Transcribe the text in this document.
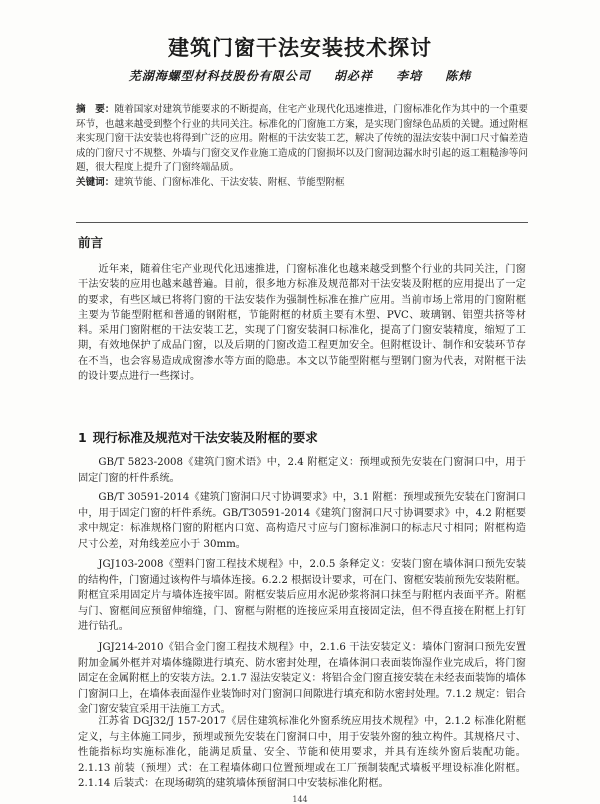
建筑门窗干法安装技术探讨
芜湖海螺型材科技股份有限公司 胡必祥 李培 陈炜
摘　要：随着国家对建筑节能要求的不断提高，住宅产业现代化迅速推进，门窗标准化作为其中的一个重要环节，也越来越受到整个行业的共同关注。标准化的门窗施工方案，是实现门窗绿色品质的关键。通过附框来实现门窗干法安装也将得到广泛的应用。附框的干法安装工艺，解决了传统的湿法安装中洞口尺寸偏差造成的门窗尺寸不规整、外墙与门窗交叉作业施工造成的门窗损坏以及门窗洞边漏水时引起的返工粗糙渗等问题，很大程度上提升了门窗终端品质。
关键词：建筑节能、门窗标准化、干法安装、附框、节能型附框
前言

近年来，随着住宅产业现代化迅速推进，门窗标准化也越来越受到整个行业的共同关注，门窗干法安装的应用也越来越普遍。目前，很多地方标准及规范都对干法安装及附框的应用提出了一定的要求，有些区域已将将门窗的干法安装作为强制性标准在推广应用。当前市场上常用的门窗附框主要为节能型附框和普通的钢附框，节能附框的材质主要有木塑、PVC、玻璃钢、铝塑共挤等材料。采用门窗附框的干法安装工艺，实现了门窗安装洞口标准化，提高了门窗安装精度，缩短了工期，有效地保护了成品门窗，以及后期的门窗改造工程更加安全。但附框设计、制作和安装环节存在不当，也会容易造成成窗渗水等方面的隐患。本文以节能型附框与塑钢门窗为代表，对附框干法的设计要点进行一些探讨。

1 现行标准及规范对干法安装及附框的要求

GB/T 5823-2008《建筑门窗术语》中，2.4 附框定义：预埋或预先安装在门窗洞口中，用于固定门窗的杆件系统。

GB/T 30591-2014《建筑门窗洞口尺寸协调要求》中，3.1 附框：预埋或预先安装在门窗洞口中，用于固定门窗的杆件系统。GB/T30591-2014《建筑门窗洞口尺寸协调要求》中，4.2 附框要求中规定：标准规格门窗的附框内口宽、高构造尺寸应与门窗标准洞口的标志尺寸相同；附框构造尺寸公差，对角线差应小于 30mm。

JGJ103-2008《塑料门窗工程技术规程》中，2.0.5 条释定义：安装门窗在墙体洞口预先安装的结构件，门窗通过该构件与墙体连接。6.2.2 根据设计要求，可在门、窗框安装前预先安装附框。附框宜采用固定片与墙体连接牢固。附框安装后应用水泥砂浆将洞口抹至与附框内表面平齐。附框与门、窗框间应预留伸缩缝，门、窗框与附框的连接应采用直接固定法，但不得直接在附框上打钉进行钻孔。

JGJ214-2010《铝合金门窗工程技术规程》中，2.1.6 干法安装定义：墙体门窗洞口预先安置附加金属外框并对墙体缝隙进行填充、防水密封处理，在墙体洞口表面装饰湿作业完成后，将门窗固定在金属附框上的安装方法。2.1.7 湿法安装定义：将铝合金门窗直接安装在未经表面装饰的墙体门窗洞口上，在墙体表面湿作业装饰时对门窗洞口间隙进行填充和防水密封处理。7.1.2 规定：铝合金门窗安装宜采用干法施工方式。

江苏省 DGJ32/J 157-2017《居住建筑标准化外窗系统应用技术规程》中，2.1.2 标准化附框定义，与主体施工同步，预埋或预先安装在门窗洞口中，用于安装外窗的独立构件。其规格尺寸、性能指标均实施标准化，能满足质量、安全、节能和使用要求，并具有连续外窗后装配功能。2.1.13 前装（预埋）式：在工程墙体砌口位置预埋或在工厂预制装配式墙板平埋设标准化附框。2.1.14 后装式：在现场砌筑的建筑墙体预留洞口中安装标准化附框。

144
